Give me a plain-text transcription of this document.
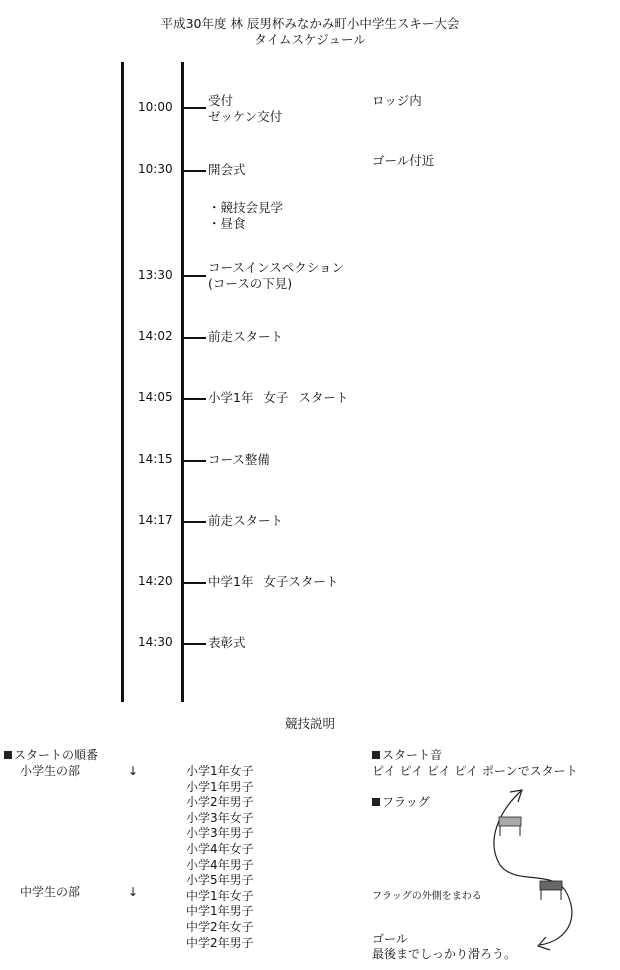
平成30年度 林 辰男杯みなかみ町小中学生スキー大会
タイムスケジュール
10:00	受付
ゼッケン交付
ロッジ内
10:30	開会式
ゴール付近
・競技会見学
・昼食
13:30	コースインスペクション
(コースの下見)
14:02	前走スタート
14:05	小学1年 女子 スタート
14:15	コース整備
14:17	前走スタート
14:20	中学1年 女子スタート
14:30	表彰式
競技説明
スタートの順番
小学生の部	↓
中学生の部	↓
小学1年女子
小学1年男子
小学2年男子
小学3年女子
小学3年男子
小学4年女子
小学4年男子
小学5年男子
中学1年女子
中学1年男子
中学2年女子
中学2年男子
スタート音
ピイ ピイ ピイ ピイ ポーンでスタート
フラッグ
フラッグの外側をまわる
ゴール
最後までしっかり滑ろう。
